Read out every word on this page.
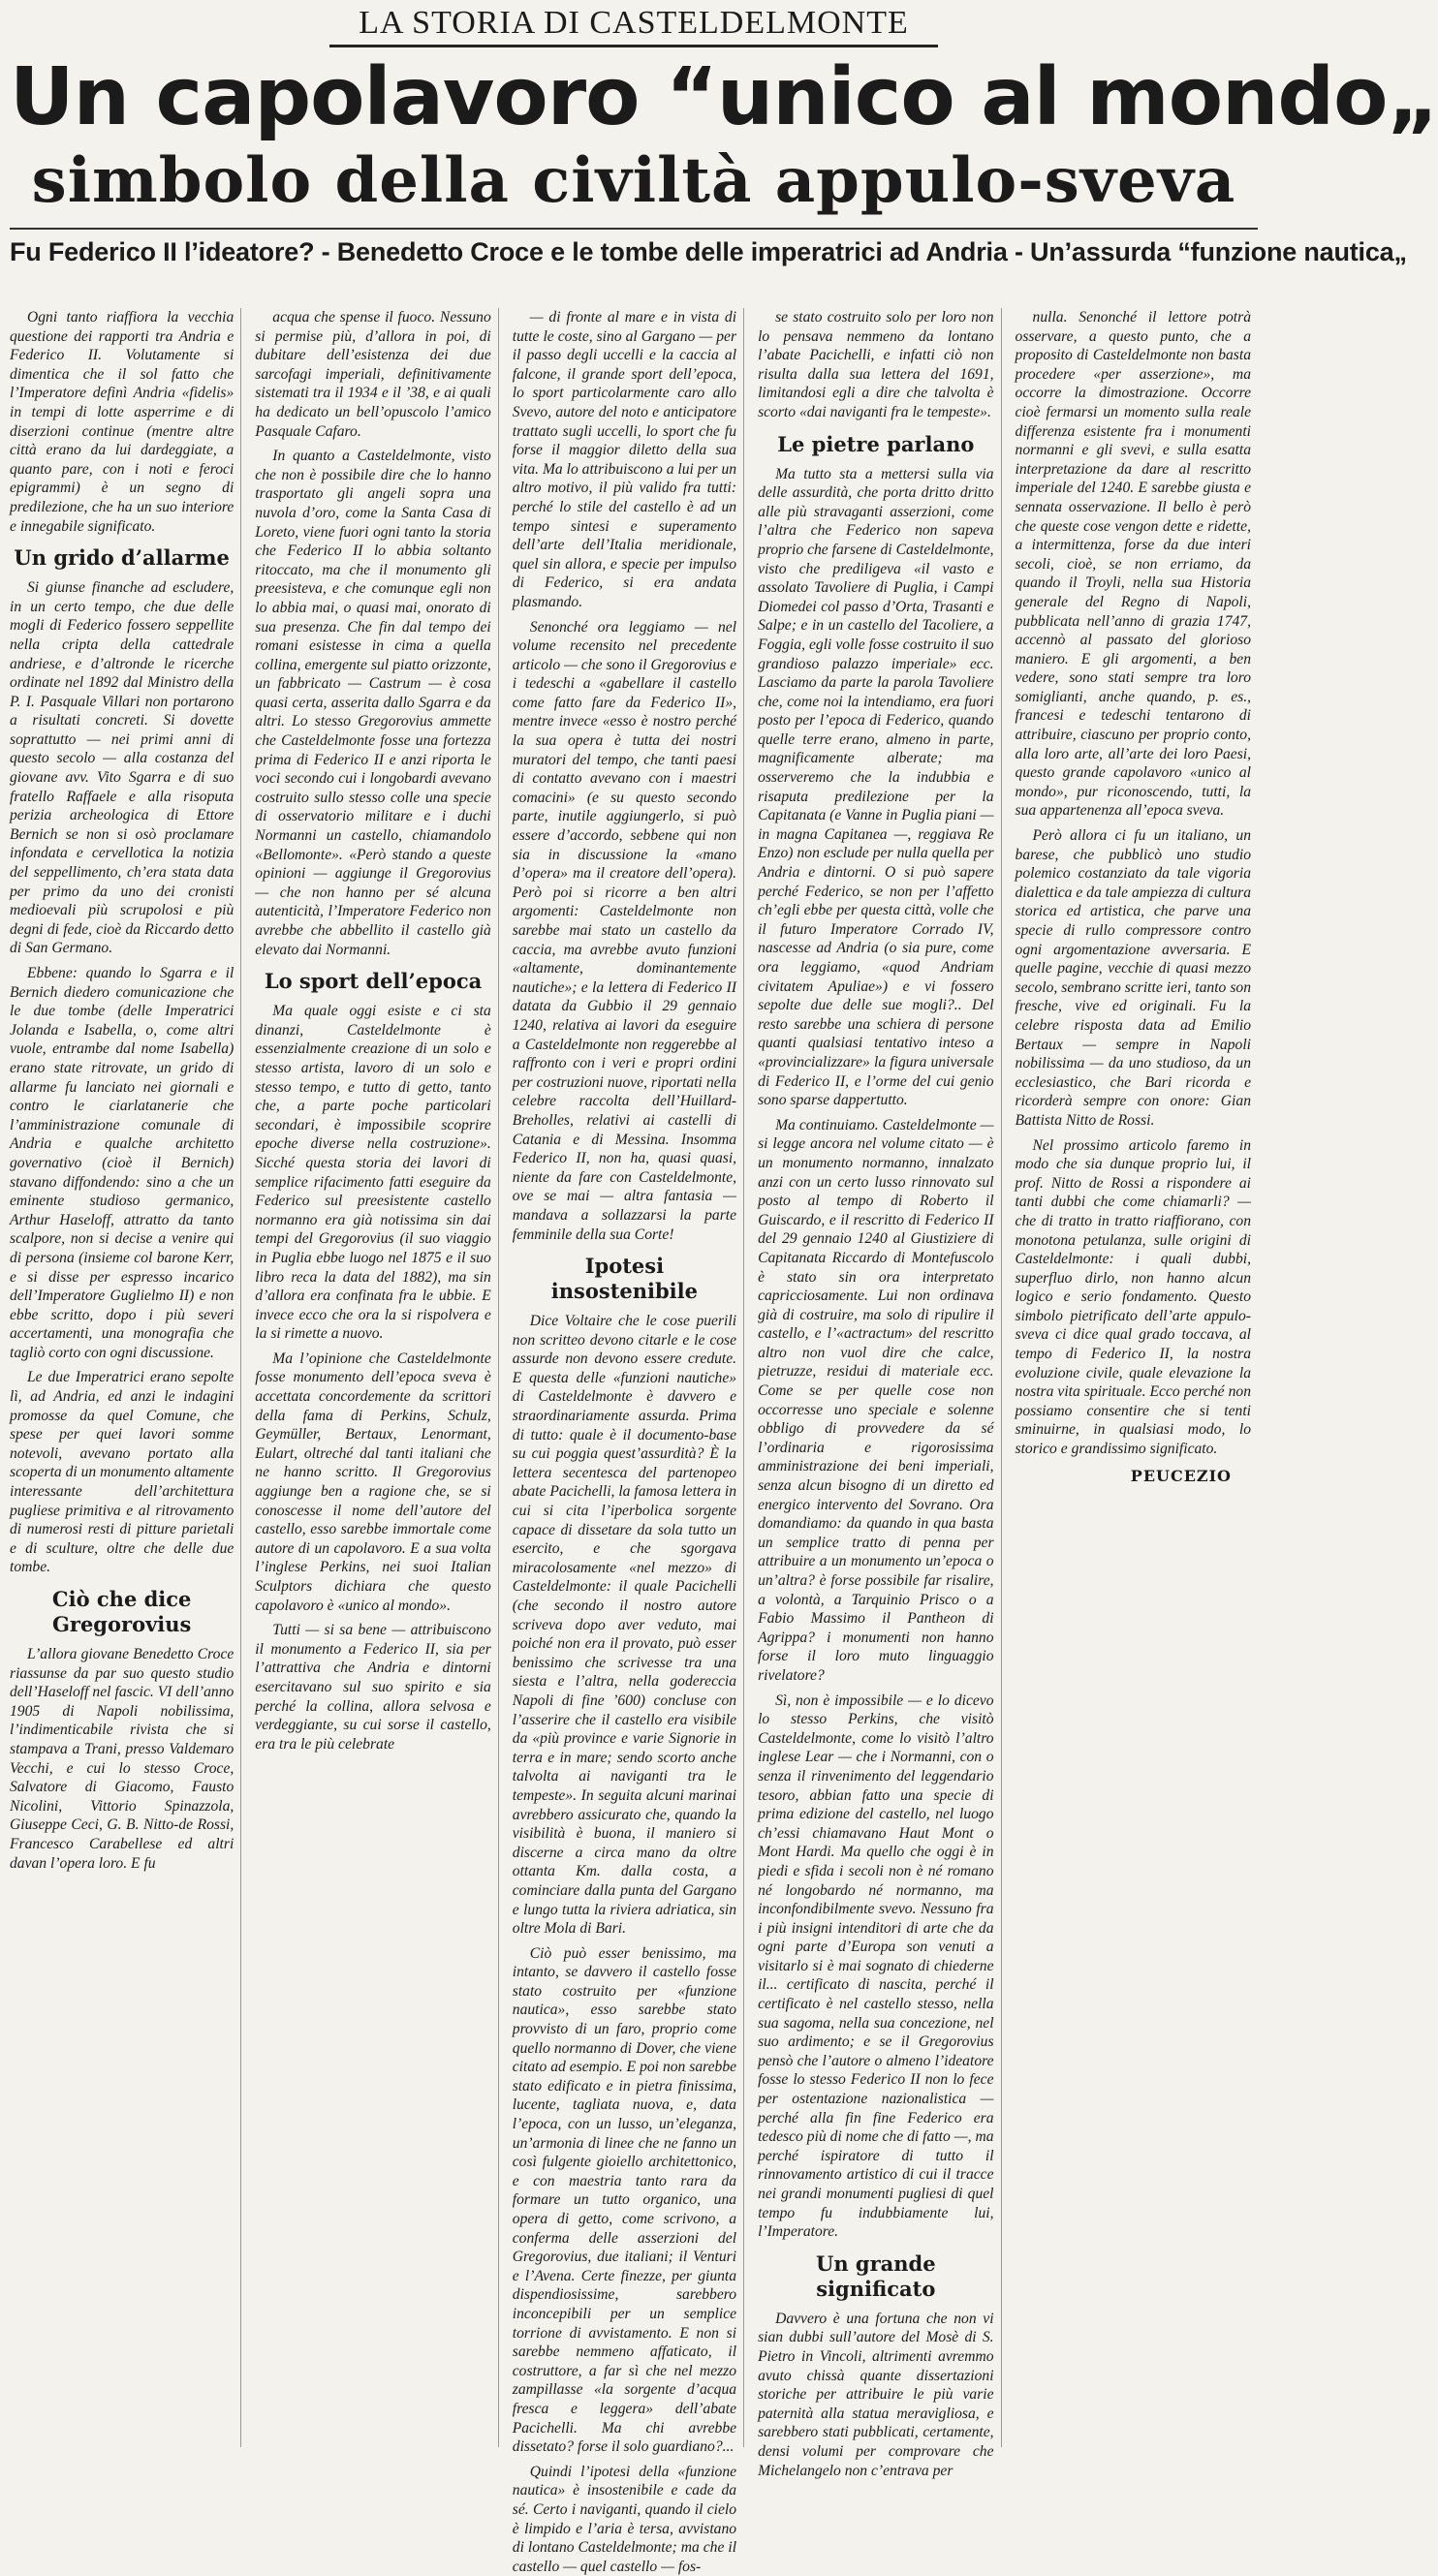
LA STORIA DI CASTELDELMONTE
Un capolavoro “unico al mondo„
simbolo della civiltà appulo-sveva
Fu Federico II l’ideatore? - Benedetto Croce e le tombe delle imperatrici ad Andria - Un’assurda “funzione nautica„

Ogni tanto riaffiora la vecchia questione dei rapporti tra Andria e Federico II. Volutamente si dimentica che il sol fatto che l’Imperatore definì Andria «fidelis» in tempi di lotte asperrime e di diserzioni continue (mentre altre città erano da lui dardeggiate, a quanto pare, con i noti e feroci epigrammi) è un segno di predilezione, che ha un suo interiore e innegabile significato.

Un grido d’allarme

Si giunse finanche ad escludere, in un certo tempo, che due delle mogli di Federico fossero seppellite nella cripta della cattedrale andriese, e d’altronde le ricerche ordinate nel 1892 dal Ministro della P. I. Pasquale Villari non portarono a risultati concreti. Si dovette soprattutto — nei primi anni di questo secolo — alla costanza del giovane avv. Vito Sgarra e di suo fratello Raffaele e alla risoputa perizia archeologica di Ettore Bernich se non si osò proclamare infondata e cervellotica la notizia del seppellimento, ch’era stata data per primo da uno dei cronisti medioevali più scrupolosi e più degni di fede, cioè da Riccardo detto di San Germano.

Ebbene: quando lo Sgarra e il Bernich diedero comunicazione che le due tombe (delle Imperatrici Jolanda e Isabella, o, come altri vuole, entrambe dal nome Isabella) erano state ritrovate, un grido di allarme fu lanciato nei giornali e contro le ciarlatanerie che l’amministrazione comunale di Andria e qualche architetto governativo (cioè il Bernich) stavano diffondendo: sino a che un eminente studioso germanico, Arthur Haseloff, attratto da tanto scalpore, non si decise a venire qui di persona (insieme col barone Kerr, e si disse per espresso incarico dell’Imperatore Guglielmo II) e non ebbe scritto, dopo i più severi accertamenti, una monografia che tagliò corto con ogni discussione.

Le due Imperatrici erano sepolte lì, ad Andria, ed anzi le indagini promosse da quel Comune, che spese per quei lavori somme notevoli, avevano portato alla scoperta di un monumento altamente interessante dell’architettura pugliese primitiva e al ritrovamento di numerosi resti di pitture parietali e di sculture, oltre che delle due tombe.

Ciò che dice Gregorovius

L’allora giovane Benedetto Croce riassunse da par suo questo studio dell’Haseloff nel fascic. VI dell’anno 1905 di Napoli nobilissima, l’indimenticabile rivista che si stampava a Trani, presso Valdemaro Vecchi, e cui lo stesso Croce, Salvatore di Giacomo, Fausto Nicolini, Vittorio Spinazzola, Giuseppe Ceci, G. B. Nitto-de Rossi, Francesco Carabellese ed altri davan l’opera loro. E fu

acqua che spense il fuoco. Nessuno si permise più, d’allora in poi, di dubitare dell’esistenza dei due sarcofagi imperiali, definitivamente sistemati tra il 1934 e il ’38, e ai quali ha dedicato un bell’opuscolo l’amico Pasquale Cafaro.

In quanto a Casteldelmonte, visto che non è possibile dire che lo hanno trasportato gli angeli sopra una nuvola d’oro, come la Santa Casa di Loreto, viene fuori ogni tanto la storia che Federico II lo abbia soltanto ritoccato, ma che il monumento gli preesisteva, e che comunque egli non lo abbia mai, o quasi mai, onorato di sua presenza. Che fin dal tempo dei romani esistesse in cima a quella collina, emergente sul piatto orizzonte, un fabbricato — Castrum — è cosa quasi certa, asserita dallo Sgarra e da altri. Lo stesso Gregorovius ammette che Casteldelmonte fosse una fortezza prima di Federico II e anzi riporta le voci secondo cui i longobardi avevano costruito sullo stesso colle una specie di osservatorio militare e i duchi Normanni un castello, chiamandolo «Bellomonte». «Però stando a queste opinioni — aggiunge il Gregorovius — che non hanno per sé alcuna autenticità, l’Imperatore Federico non avrebbe che abbellito il castello già elevato dai Normanni.

Lo sport dell’epoca

Ma quale oggi esiste e ci sta dinanzi, Casteldelmonte è essenzialmente creazione di un solo e stesso artista, lavoro di un solo e stesso tempo, e tutto di getto, tanto che, a parte poche particolari secondari, è impossibile scoprire epoche diverse nella costruzione». Sicché questa storia dei lavori di semplice rifacimento fatti eseguire da Federico sul preesistente castello normanno era già notissima sin dai tempi del Gregorovius (il suo viaggio in Puglia ebbe luogo nel 1875 e il suo libro reca la data del 1882), ma sin d’allora era confinata fra le ubbie. E invece ecco che ora la si rispolvera e la si rimette a nuovo.

Ma l’opinione che Casteldelmonte fosse monumento dell’epoca sveva è accettata concordemente da scrittori della fama di Perkins, Schulz, Geymüller, Bertaux, Lenormant, Eulart, oltreché dal tanti italiani che ne hanno scritto. Il Gregorovius aggiunge ben a ragione che, se si conoscesse il nome dell’autore del castello, esso sarebbe immortale come autore di un capolavoro. E a sua volta l’inglese Perkins, nei suoi Italian Sculptors dichiara che questo capolavoro è «unico al mondo».

Tutti — si sa bene — attribuiscono il monumento a Federico II, sia per l’attrattiva che Andria e dintorni esercitavano sul suo spirito e sia perché la collina, allora selvosa e verdeggiante, su cui sorse il castello, era tra le più celebrate

— di fronte al mare e in vista di tutte le coste, sino al Gargano — per il passo degli uccelli e la caccia al falcone, il grande sport dell’epoca, lo sport particolarmente caro allo Svevo, autore del noto e anticipatore trattato sugli uccelli, lo sport che fu forse il maggior diletto della sua vita. Ma lo attribuiscono a lui per un altro motivo, il più valido fra tutti: perché lo stile del castello è ad un tempo sintesi e superamento dell’arte dell’Italia meridionale, quel sin allora, e specie per impulso di Federico, si era andata plasmando.

Senonché ora leggiamo — nel volume recensito nel precedente articolo — che sono il Gregorovius e i tedeschi a «gabellare il castello come fatto fare da Federico II», mentre invece «esso è nostro perché la sua opera è tutta dei nostri muratori del tempo, che tanti paesi di contatto avevano con i maestri comacini» (e su questo secondo parte, inutile aggiungerlo, si può essere d’accordo, sebbene qui non sia in discussione la «mano d’opera» ma il creatore dell’opera). Però poi si ricorre a ben altri argomenti: Casteldelmonte non sarebbe mai stato un castello da caccia, ma avrebbe avuto funzioni «altamente, dominantemente nautiche»; e la lettera di Federico II datata da Gubbio il 29 gennaio 1240, relativa ai lavori da eseguire a Casteldelmonte non reggerebbe al raffronto con i veri e propri ordini per costruzioni nuove, riportati nella celebre raccolta dell’Huillard-Breholles, relativi ai castelli di Catania e di Messina. Insomma Federico II, non ha, quasi quasi, niente da fare con Casteldelmonte, ove se mai — altra fantasia — mandava a sollazzarsi la parte femminile della sua Corte!

Ipotesi insostenibile

Dice Voltaire che le cose puerili non scritteo devono citarle e le cose assurde non devono essere credute. E questa delle «funzioni nautiche» di Casteldelmonte è davvero e straordinariamente assurda. Prima di tutto: quale è il documento-base su cui poggia quest’assurdità? È la lettera secentesca del partenopeo abate Pacichelli, la famosa lettera in cui si cita l’iperbolica sorgente capace di dissetare da sola tutto un esercito, e che sgorgava miracolosamente «nel mezzo» di Casteldelmonte: il quale Pacichelli (che secondo il nostro autore scriveva dopo aver veduto, mai poiché non era il provato, può esser benissimo che scrivesse tra una siesta e l’altra, nella godereccia Napoli di fine ’600) concluse con l’asserire che il castello era visibile da «più province e varie Signorie in terra e in mare; sendo scorto anche talvolta ai naviganti tra le tempeste». In seguita alcuni marinai avrebbero assicurato che, quando la visibilità è buona, il maniero si discerne a circa mano da oltre ottanta Km. dalla costa, a cominciare dalla punta del Gargano e lungo tutta la riviera adriatica, sin oltre Mola di Bari.

Ciò può esser benissimo, ma intanto, se davvero il castello fosse stato costruito per «funzione nautica», esso sarebbe stato provvisto di un faro, proprio come quello normanno di Dover, che viene citato ad esempio. E poi non sarebbe stato edificato e in pietra finissima, lucente, tagliata nuova, e, data l’epoca, con un lusso, un’eleganza, un’armonia di linee che ne fanno un così fulgente gioiello architettonico, e con maestria tanto rara da formare un tutto organico, una opera di getto, come scrivono, a conferma delle asserzioni del Gregorovius, due italiani; il Venturi e l’Avena. Certe finezze, per giunta dispendiosissime, sarebbero inconcepibili per un semplice torrione di avvistamento. E non si sarebbe nemmeno affaticato, il costruttore, a far sì che nel mezzo zampillasse «la sorgente d’acqua fresca e leggera» dell’abate Pacichelli. Ma chi avrebbe dissetato? forse il solo guardiano?...

Quindi l’ipotesi della «funzione nautica» è insostenibile e cade da sé. Certo i naviganti, quando il cielo è limpido e l’aria è tersa, avvistano di lontano Casteldelmonte; ma che il castello — quel castello — fos-

se stato costruito solo per loro non lo pensava nemmeno da lontano l’abate Pacichelli, e infatti ciò non risulta dalla sua lettera del 1691, limitandosi egli a dire che talvolta è scorto «dai naviganti fra le tempeste».

Le pietre parlano

Ma tutto sta a mettersi sulla via delle assurdità, che porta dritto dritto alle più stravaganti asserzioni, come l’altra che Federico non sapeva proprio che farsene di Casteldelmonte, visto che prediligeva «il vasto e assolato Tavoliere di Puglia, i Campi Diomedei col passo d’Orta, Trasanti e Salpe; e in un castello del Tacoliere, a Foggia, egli volle fosse costruito il suo grandioso palazzo imperiale» ecc. Lasciamo da parte la parola Tavoliere che, come noi la intendiamo, era fuori posto per l’epoca di Federico, quando quelle terre erano, almeno in parte, magnificamente alberate; ma osserveremo che la indubbia e risaputa predilezione per la Capitanata (e Vanne in Puglia piani — in magna Capitanea —, reggiava Re Enzo) non esclude per nulla quella per Andria e dintorni. O si può sapere perché Federico, se non per l’affetto ch’egli ebbe per questa città, volle che il futuro Imperatore Corrado IV, nascesse ad Andria (o sia pure, come ora leggiamo, «quod Andriam civitatem Apuliae») e vi fossero sepolte due delle sue mogli?.. Del resto sarebbe una schiera di persone quanti qualsiasi tentativo inteso a «provincializzare» la figura universale di Federico II, e l’orme del cui genio sono sparse dappertutto.

Ma continuiamo. Casteldelmonte — si legge ancora nel volume citato — è un monumento normanno, innalzato anzi con un certo lusso rinnovato sul posto al tempo di Roberto il Guiscardo, e il rescritto di Federico II del 29 gennaio 1240 al Giustiziere di Capitanata Riccardo di Montefuscolo è stato sin ora interpretato capricciosamente. Lui non ordinava già di costruire, ma solo di ripulire il castello, e l’«actractum» del rescritto altro non vuol dire che calce, pietruzze, residui di materiale ecc. Come se per quelle cose non occorresse uno speciale e solenne obbligo di provvedere da sé l’ordinaria e rigorosissima amministrazione dei beni imperiali, senza alcun bisogno di un diretto ed energico intervento del Sovrano. Ora domandiamo: da quando in qua basta un semplice tratto di penna per attribuire a un monumento un’epoca o un’altra? è forse possibile far risalire, a volontà, a Tarquinio Prisco o a Fabio Massimo il Pantheon di Agrippa? i monumenti non hanno forse il loro muto linguaggio rivelatore?

Sì, non è impossibile — e lo dicevo lo stesso Perkins, che visitò Casteldelmonte, come lo visitò l’altro inglese Lear — che i Normanni, con o senza il rinvenimento del leggendario tesoro, abbian fatto una specie di prima edizione del castello, nel luogo ch’essi chiamavano Haut Mont o Mont Hardi. Ma quello che oggi è in piedi e sfida i secoli non è né romano né longobardo né normanno, ma inconfondibilmente svevo. Nessuno fra i più insigni intenditori di arte che da ogni parte d’Europa son venuti a visitarlo si è mai sognato di chiederne il... certificato di nascita, perché il certificato è nel castello stesso, nella sua sagoma, nella sua concezione, nel suo ardimento; e se il Gregorovius pensò che l’autore o almeno l’ideatore fosse lo stesso Federico II non lo fece per ostentazione nazionalistica — perché alla fin fine Federico era tedesco più di nome che di fatto —, ma perché ispiratore di tutto il rinnovamento artistico di cui il tracce nei grandi monumenti pugliesi di quel tempo fu indubbiamente lui, l’Imperatore.

Un grande significato

Davvero è una fortuna che non vi sian dubbi sull’autore del Mosè di S. Pietro in Vincoli, altrimenti avremmo avuto chissà quante dissertazioni storiche per attribuire le più varie paternità alla statua meravigliosa, e sarebbero stati pubblicati, certamente, densi volumi per comprovare che Michelangelo non c’entrava per

nulla. Senonché il lettore potrà osservare, a questo punto, che a proposito di Casteldelmonte non basta procedere «per asserzione», ma occorre la dimostrazione. Occorre cioè fermarsi un momento sulla reale differenza esistente fra i monumenti normanni e gli svevi, e sulla esatta interpretazione da dare al rescritto imperiale del 1240. E sarebbe giusta e sennata osservazione. Il bello è però che queste cose vengon dette e ridette, a intermittenza, forse da due interi secoli, cioè, se non erriamo, da quando il Troyli, nella sua Historia generale del Regno di Napoli, pubblicata nell’anno di grazia 1747, accennò al passato del glorioso maniero. E gli argomenti, a ben vedere, sono stati sempre tra loro somiglianti, anche quando, p. es., francesi e tedeschi tentarono di attribuire, ciascuno per proprio conto, alla loro arte, all’arte dei loro Paesi, questo grande capolavoro «unico al mondo», pur riconoscendo, tutti, la sua appartenenza all’epoca sveva.

Però allora ci fu un italiano, un barese, che pubblicò uno studio polemico costanziato da tale vigoria dialettica e da tale ampiezza di cultura storica ed artistica, che parve una specie di rullo compressore contro ogni argomentazione avversaria. E quelle pagine, vecchie di quasi mezzo secolo, sembrano scritte ieri, tanto son fresche, vive ed originali. Fu la celebre risposta data ad Emilio Bertaux — sempre in Napoli nobilissima — da uno studioso, da un ecclesiastico, che Bari ricorda e ricorderà sempre con onore: Gian Battista Nitto de Rossi.

Nel prossimo articolo faremo in modo che sia dunque proprio lui, il prof. Nitto de Rossi a rispondere ai tanti dubbi che come chiamarli? — che di tratto in tratto riaffiorano, con monotona petulanza, sulle origini di Casteldelmonte: i quali dubbi, superfluo dirlo, non hanno alcun logico e serio fondamento. Questo simbolo pietrificato dell’arte appulo-sveva ci dice qual grado toccava, al tempo di Federico II, la nostra evoluzione civile, quale elevazione la nostra vita spirituale. Ecco perché non possiamo consentire che si tenti sminuirne, in qualsiasi modo, lo storico e grandissimo significato.

PEUCEZIO
